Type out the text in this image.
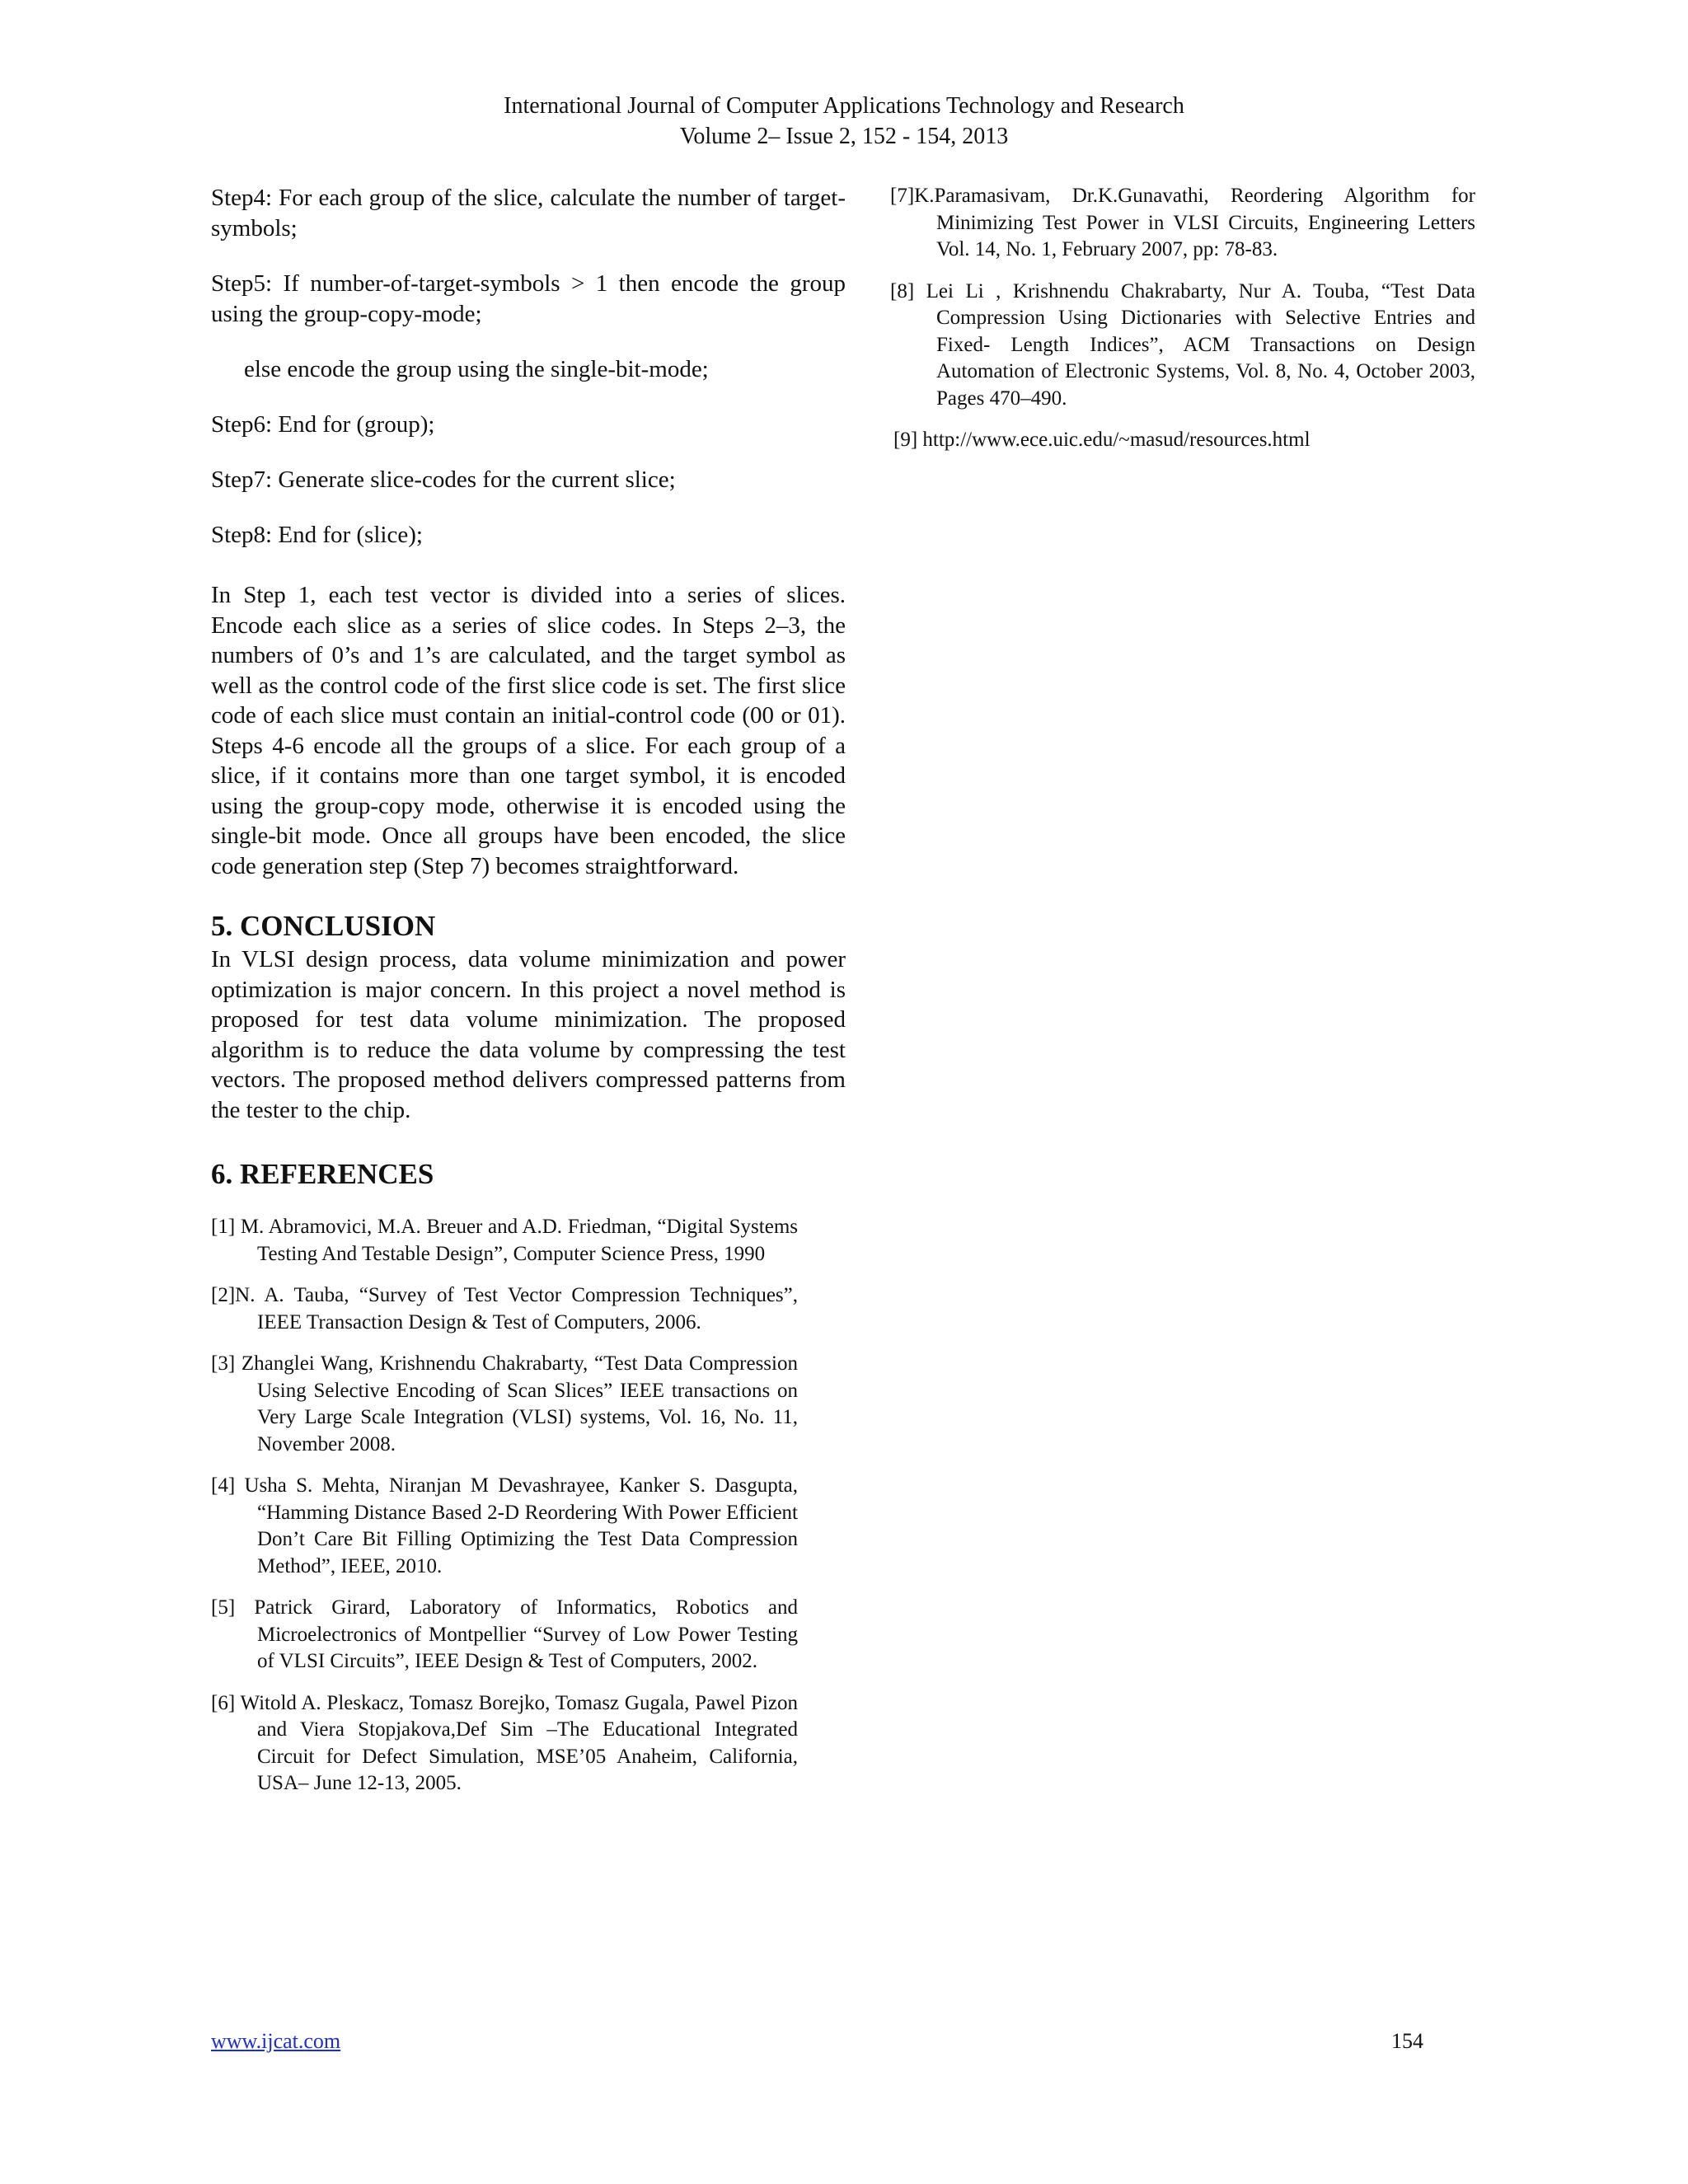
International Journal of Computer Applications Technology and Research
Volume 2– Issue 2, 152 - 154, 2013

Step4: For each group of the slice, calculate the number of target-symbols;

Step5: If number-of-target-symbols > 1 then encode the group using the group-copy-mode;

else encode the group using the single-bit-mode;

Step6: End for (group);

Step7: Generate slice-codes for the current slice;

Step8: End for (slice);

In Step 1, each test vector is divided into a series of slices. Encode each slice as a series of slice codes. In Steps 2–3, the numbers of 0’s and 1’s are calculated, and the target symbol as well as the control code of the first slice code is set. The first slice code of each slice must contain an initial-control code (00 or 01). Steps 4-6 encode all the groups of a slice. For each group of a slice, if it contains more than one target symbol, it is encoded using the group-copy mode, otherwise it is encoded using the single-bit mode. Once all groups have been encoded, the slice code generation step (Step 7) becomes straightforward.

5. CONCLUSION

In VLSI design process, data volume minimization and power optimization is major concern. In this project a novel method is proposed for test data volume minimization. The proposed algorithm is to reduce the data volume by compressing the test vectors. The proposed method delivers compressed patterns from the tester to the chip.

6. REFERENCES

[1] M. Abramovici, M.A. Breuer and A.D. Friedman, “Digital Systems Testing And Testable Design”, Computer Science Press, 1990

[2]N. A. Tauba, “Survey of Test Vector Compression Techniques”, IEEE Transaction Design & Test of Computers, 2006.

[3] Zhanglei Wang, Krishnendu Chakrabarty, “Test Data Compression Using Selective Encoding of Scan Slices” IEEE transactions on Very Large Scale Integration (VLSI) systems, Vol. 16, No. 11, November 2008.

[4] Usha S. Mehta, Niranjan M Devashrayee, Kanker S. Dasgupta, “Hamming Distance Based 2-D Reordering With Power Efficient Don’t Care Bit Filling Optimizing the Test Data Compression Method”, IEEE, 2010.

[5] Patrick Girard, Laboratory of Informatics, Robotics and Microelectronics of Montpellier “Survey of Low Power Testing of VLSI Circuits”, IEEE Design & Test of Computers, 2002.

[6] Witold A. Pleskacz, Tomasz Borejko, Tomasz Gugala, Pawel Pizon and Viera Stopjakova,Def Sim –The Educational Integrated Circuit for Defect Simulation, MSE’05 Anaheim, California, USA– June 12-13, 2005.

[7]K.Paramasivam, Dr.K.Gunavathi, Reordering Algorithm for Minimizing Test Power in VLSI Circuits, Engineering Letters Vol. 14, No. 1, February 2007, pp: 78-83.

[8] Lei Li , Krishnendu Chakrabarty, Nur A. Touba, “Test Data Compression Using Dictionaries with Selective Entries and Fixed- Length Indices”, ACM Transactions on Design Automation of Electronic Systems, Vol. 8, No. 4, October 2003, Pages 470–490.

[9] http://www.ece.uic.edu/~masud/resources.html

www.ijcat.com	154
